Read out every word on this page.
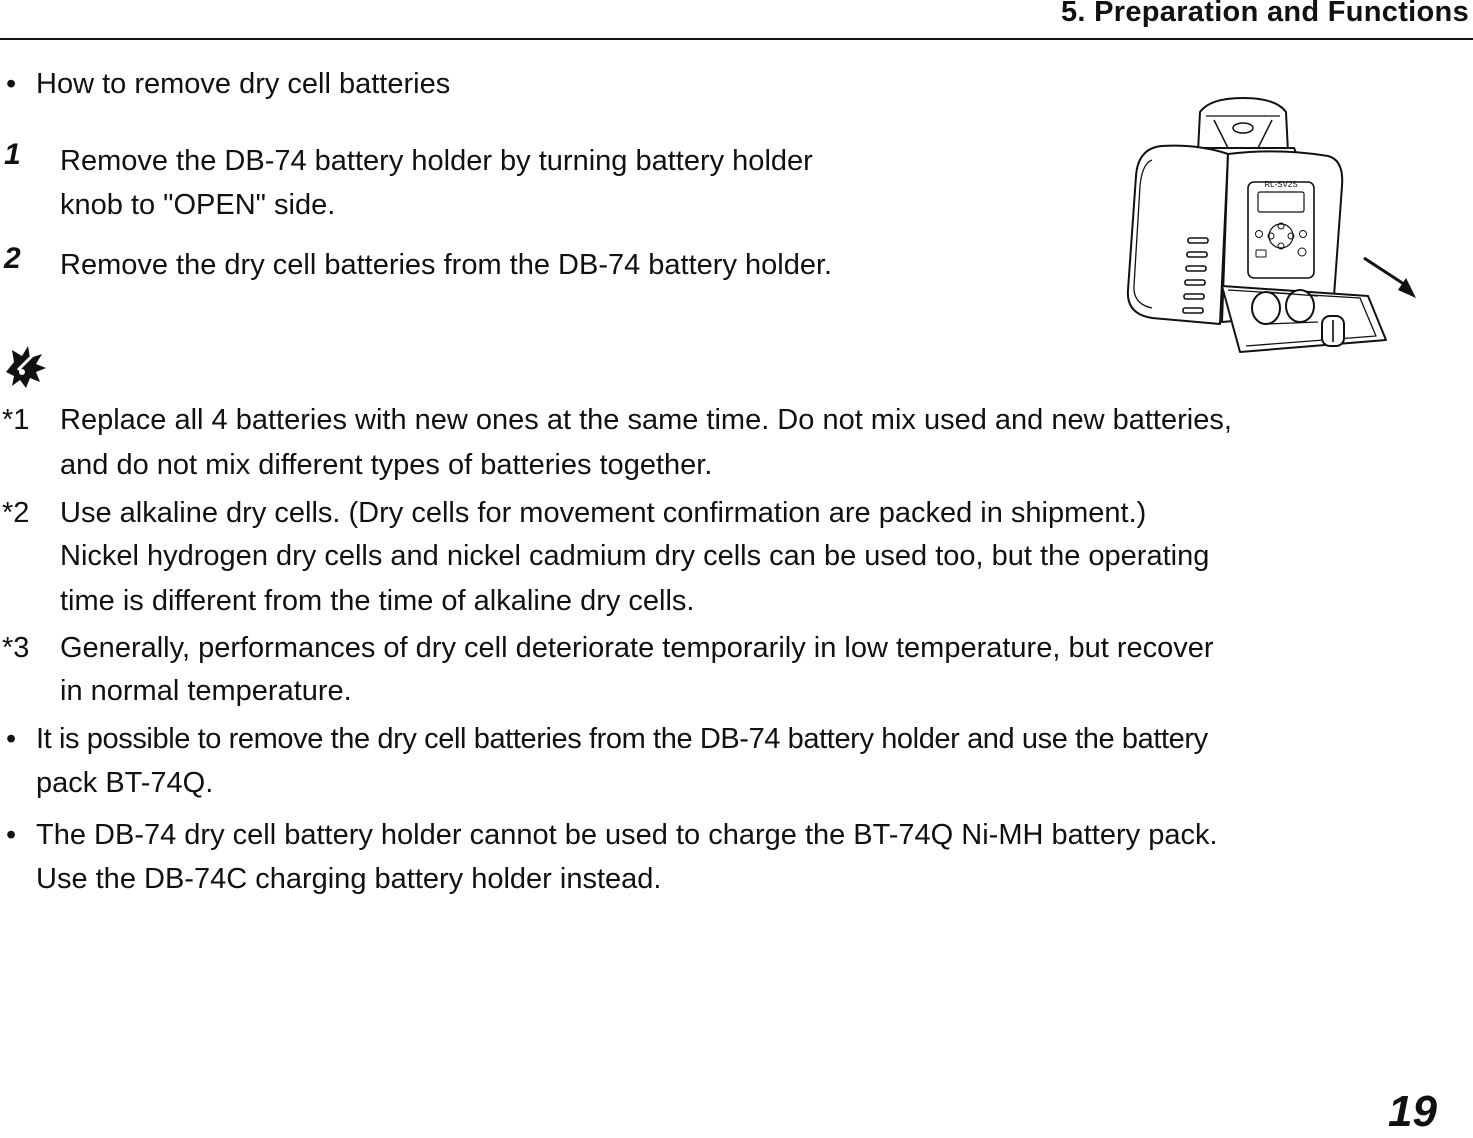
5. Preparation and Functions
• How to remove dry cell batteries
1 Remove the DB-74 battery holder by turning battery holder
knob to "OPEN" side.
2 Remove the dry cell batteries from the DB-74 battery holder.
RL-SV2S
*1 Replace all 4 batteries with new ones at the same time. Do not mix used and new batteries,
and do not mix different types of batteries together.
*2 Use alkaline dry cells. (Dry cells for movement confirmation are packed in shipment.)
Nickel hydrogen dry cells and nickel cadmium dry cells can be used too, but the operating
time is different from the time of alkaline dry cells.
*3 Generally, performances of dry cell deteriorate temporarily in low temperature, but recover
in normal temperature.
• It is possible to remove the dry cell batteries from the DB-74 battery holder and use the battery
pack BT-74Q.
• The DB-74 dry cell battery holder cannot be used to charge the BT-74Q Ni-MH battery pack.
Use the DB-74C charging battery holder instead.
19
